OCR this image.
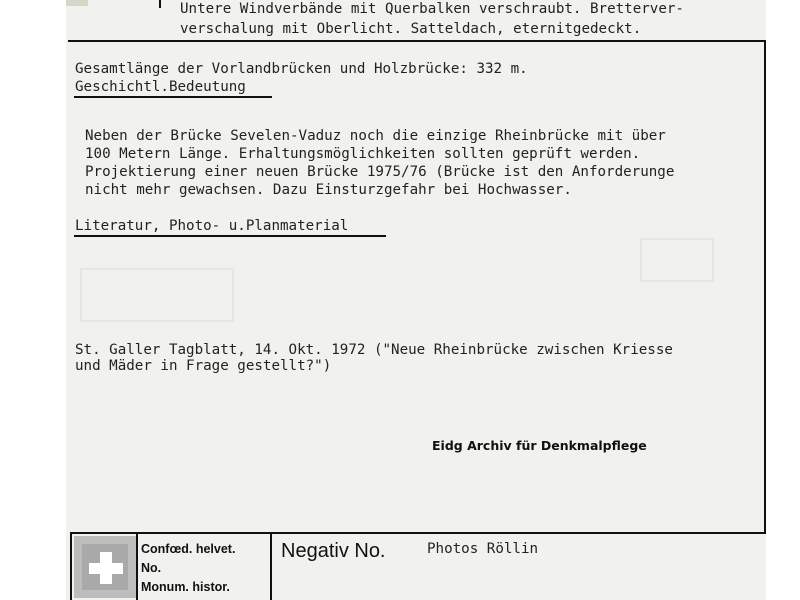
Untere Windverbände mit Querbalken verschraubt. Bretterver-
verschalung mit Oberlicht. Satteldach, eternitgedeckt.
Gesamtlänge der Vorlandbrücken und Holzbrücke: 332 m.
Geschichtl.Bedeutung
Neben der Brücke Sevelen-Vaduz noch die einzige Rheinbrücke mit über
100 Metern Länge. Erhaltungsmöglichkeiten sollten geprüft werden.
Projektierung einer neuen Brücke 1975/76 (Brücke ist den Anforderunge
nicht mehr gewachsen. Dazu Einsturzgefahr bei Hochwasser.
Literatur, Photo- u.Planmaterial
St. Galler Tagblatt, 14. Okt. 1972 ("Neue Rheinbrücke zwischen Kriesse
und Mäder in Frage gestellt?")
Eidg Archiv für Denkmalpflege
Confœd. helvet.
No.
Monum. histor.
Negativ No.	Photos Röllin
